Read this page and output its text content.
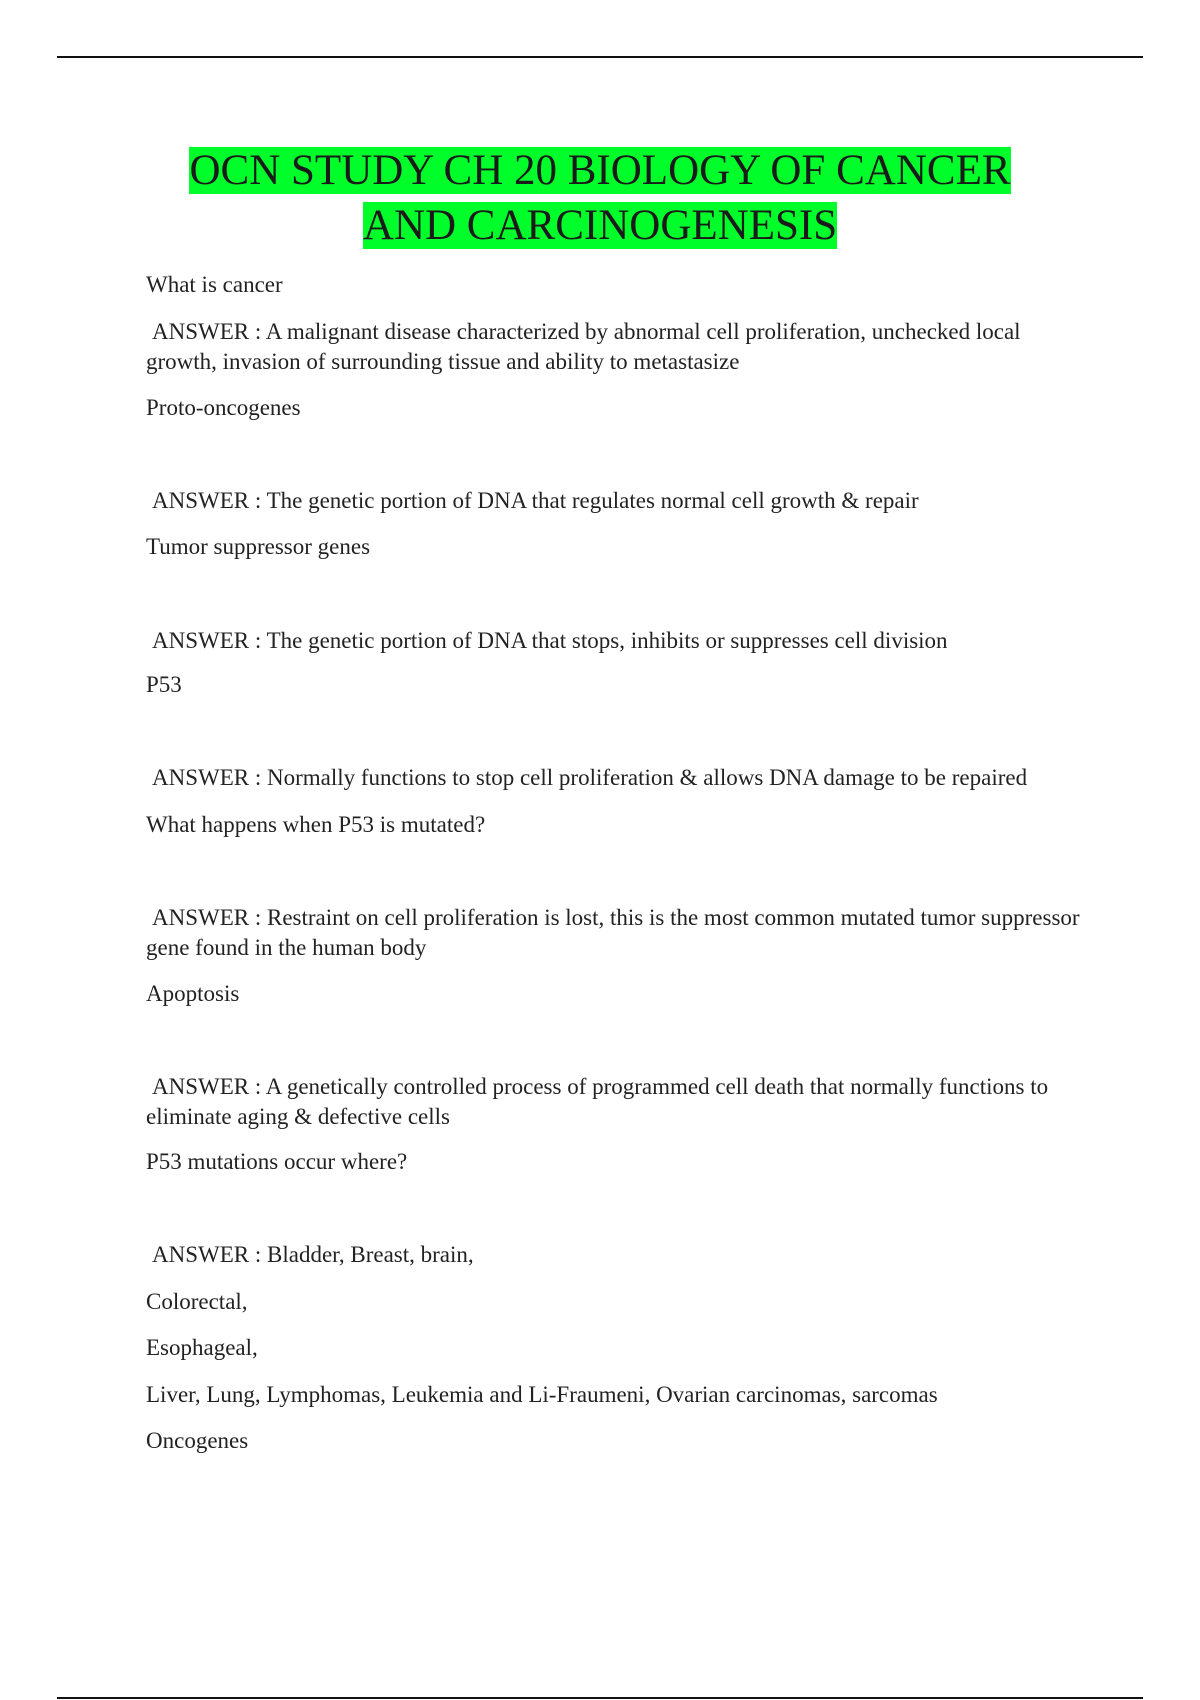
OCN STUDY CH 20 BIOLOGY OF CANCER
AND CARCINOGENESIS

What is cancer

ANSWER : A malignant disease characterized by abnormal cell proliferation, unchecked local growth, invasion of surrounding tissue and ability to metastasize

Proto-oncogenes

ANSWER : The genetic portion of DNA that regulates normal cell growth & repair

Tumor suppressor genes

ANSWER : The genetic portion of DNA that stops, inhibits or suppresses cell division

P53

ANSWER : Normally functions to stop cell proliferation & allows DNA damage to be repaired

What happens when P53 is mutated?

ANSWER : Restraint on cell proliferation is lost, this is the most common mutated tumor suppressor gene found in the human body

Apoptosis

ANSWER : A genetically controlled process of programmed cell death that normally functions to eliminate aging & defective cells

P53 mutations occur where?

ANSWER : Bladder, Breast, brain,

Colorectal,

Esophageal,

Liver, Lung, Lymphomas, Leukemia and Li-Fraumeni, Ovarian carcinomas, sarcomas

Oncogenes
